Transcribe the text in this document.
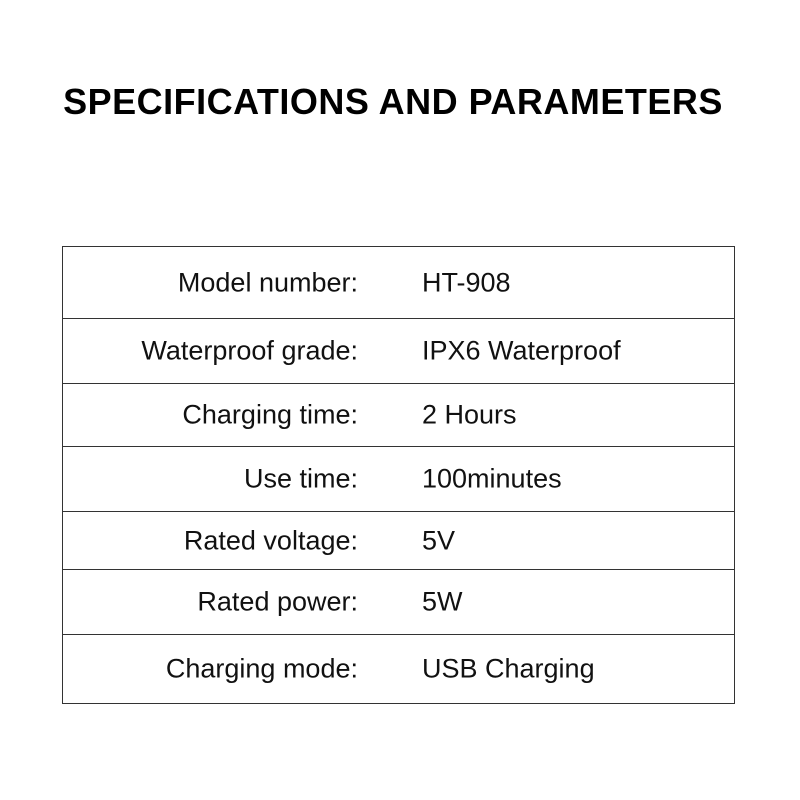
SPECIFICATIONS AND PARAMETERS
Model number: HT-908
Waterproof grade: IPX6 Waterproof
Charging time: 2 Hours
Use time: 100minutes
Rated voltage: 5V
Rated power: 5W
Charging mode: USB Charging
